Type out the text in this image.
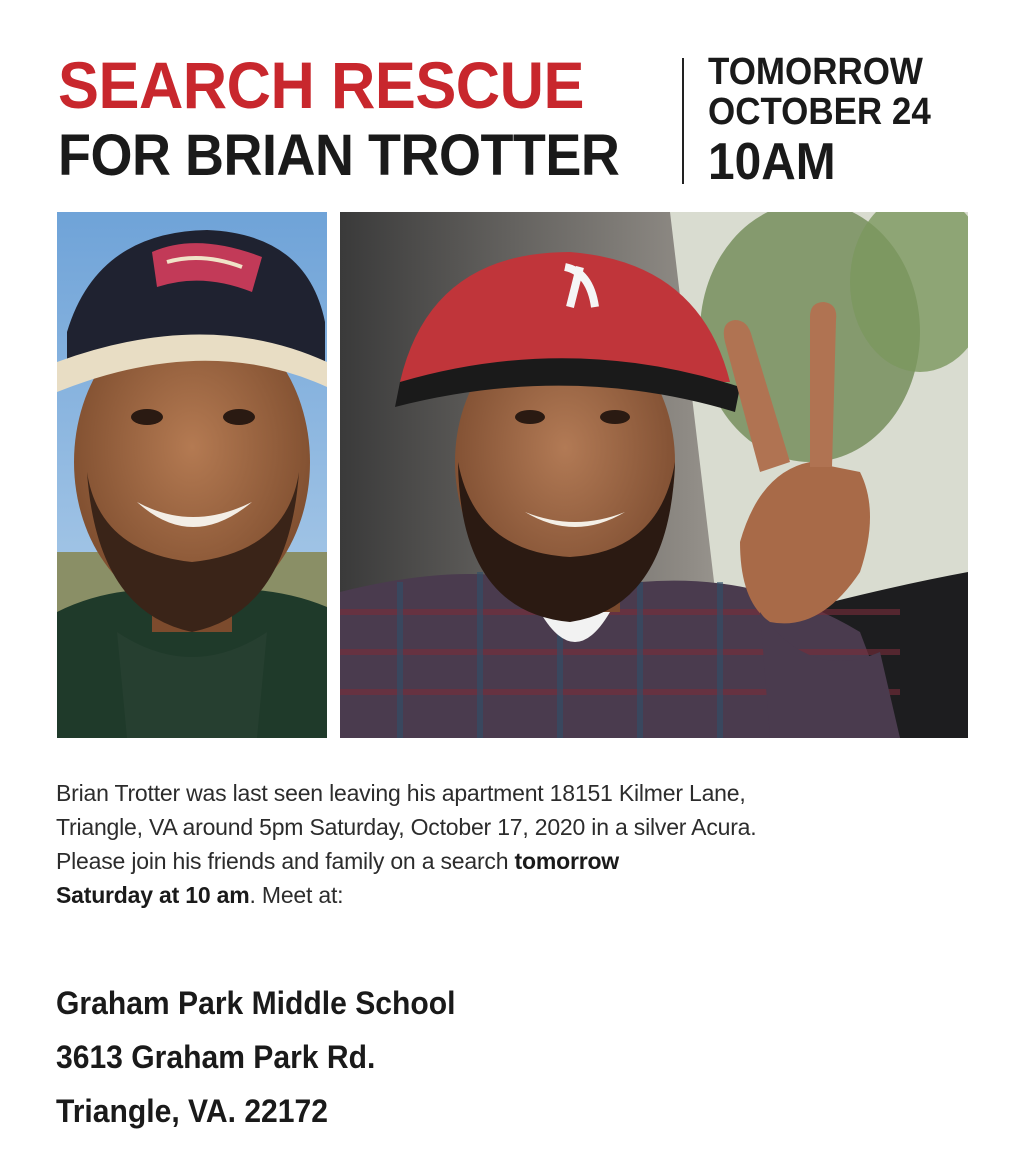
SEARCH RESCUE
FOR BRIAN TROTTER
TOMORROW
OCTOBER 24
10AM
Brian Trotter was last seen leaving his apartment 18151 Kilmer Lane,
Triangle, VA around 5pm Saturday, October 17, 2020 in a silver Acura.
Please join his friends and family on a search tomorrow
Saturday at 10 am. Meet at:
Graham Park Middle School
3613 Graham Park Rd.
Triangle, VA. 22172
